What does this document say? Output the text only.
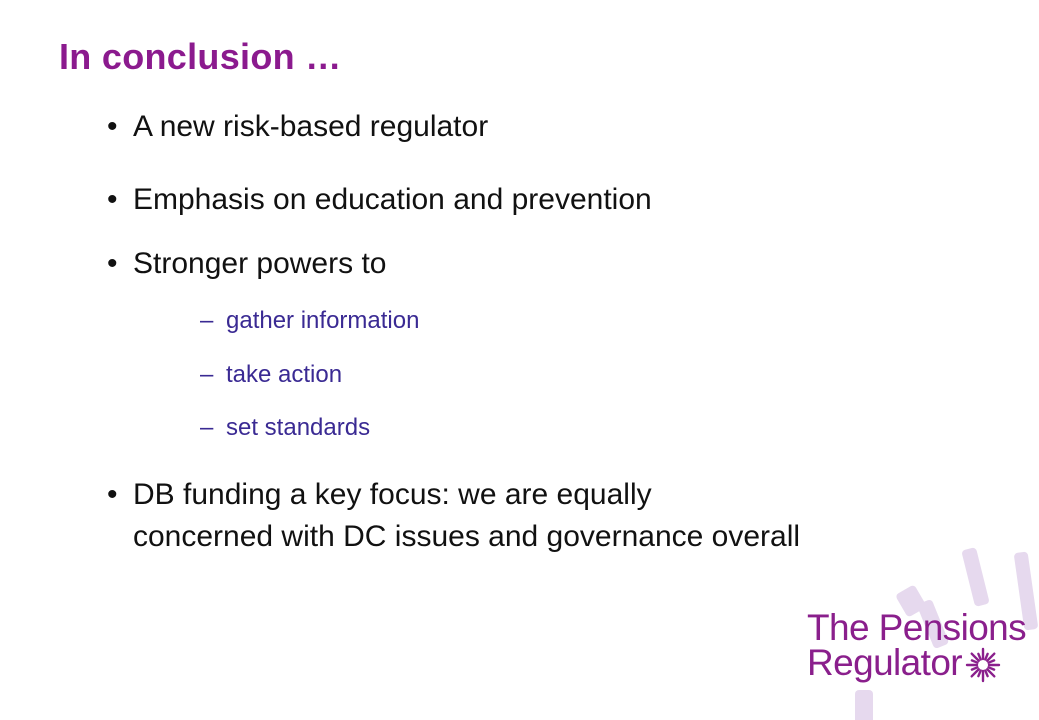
In conclusion …
• A new risk-based regulator
• Emphasis on education and prevention
• Stronger powers to
– gather information
– take action
– set standards
• DB funding a key focus: we are equally
concerned with DC issues and governance overall
The Pensions
Regulator
